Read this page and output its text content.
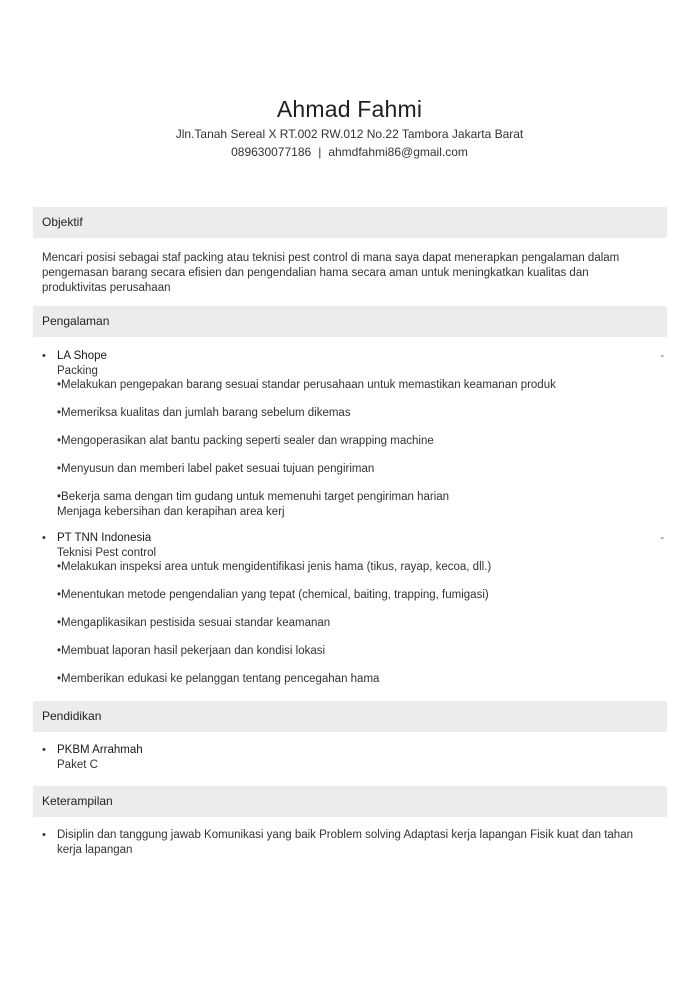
Ahmad Fahmi
Jln.Tanah Sereal X RT.002 RW.012 No.22 Tambora Jakarta Barat
089630077186 | ahmdfahmi86@gmail.com
Objektif
Mencari posisi sebagai staf packing atau teknisi pest control di mana saya dapat menerapkan pengalaman dalam pengemasan barang secara efisien dan pengendalian hama secara aman untuk meningkatkan kualitas dan produktivitas perusahaan
Pengalaman
• LA Shope	-
Packing
•Melakukan pengepakan barang sesuai standar perusahaan untuk memastikan keamanan produk
•Memeriksa kualitas dan jumlah barang sebelum dikemas
•Mengoperasikan alat bantu packing seperti sealer dan wrapping machine
•Menyusun dan memberi label paket sesuai tujuan pengiriman
•Bekerja sama dengan tim gudang untuk memenuhi target pengiriman harian
Menjaga kebersihan dan kerapihan area kerj
• PT TNN Indonesia	-
Teknisi Pest control
•Melakukan inspeksi area untuk mengidentifikasi jenis hama (tikus, rayap, kecoa, dll.)
•Menentukan metode pengendalian yang tepat (chemical, baiting, trapping, fumigasi)
•Mengaplikasikan pestisida sesuai standar keamanan
•Membuat laporan hasil pekerjaan dan kondisi lokasi
•Memberikan edukasi ke pelanggan tentang pencegahan hama
Pendidikan
• PKBM Arrahmah
Paket C
Keterampilan
• Disiplin dan tanggung jawab Komunikasi yang baik Problem solving Adaptasi kerja lapangan Fisik kuat dan tahan kerja lapangan
